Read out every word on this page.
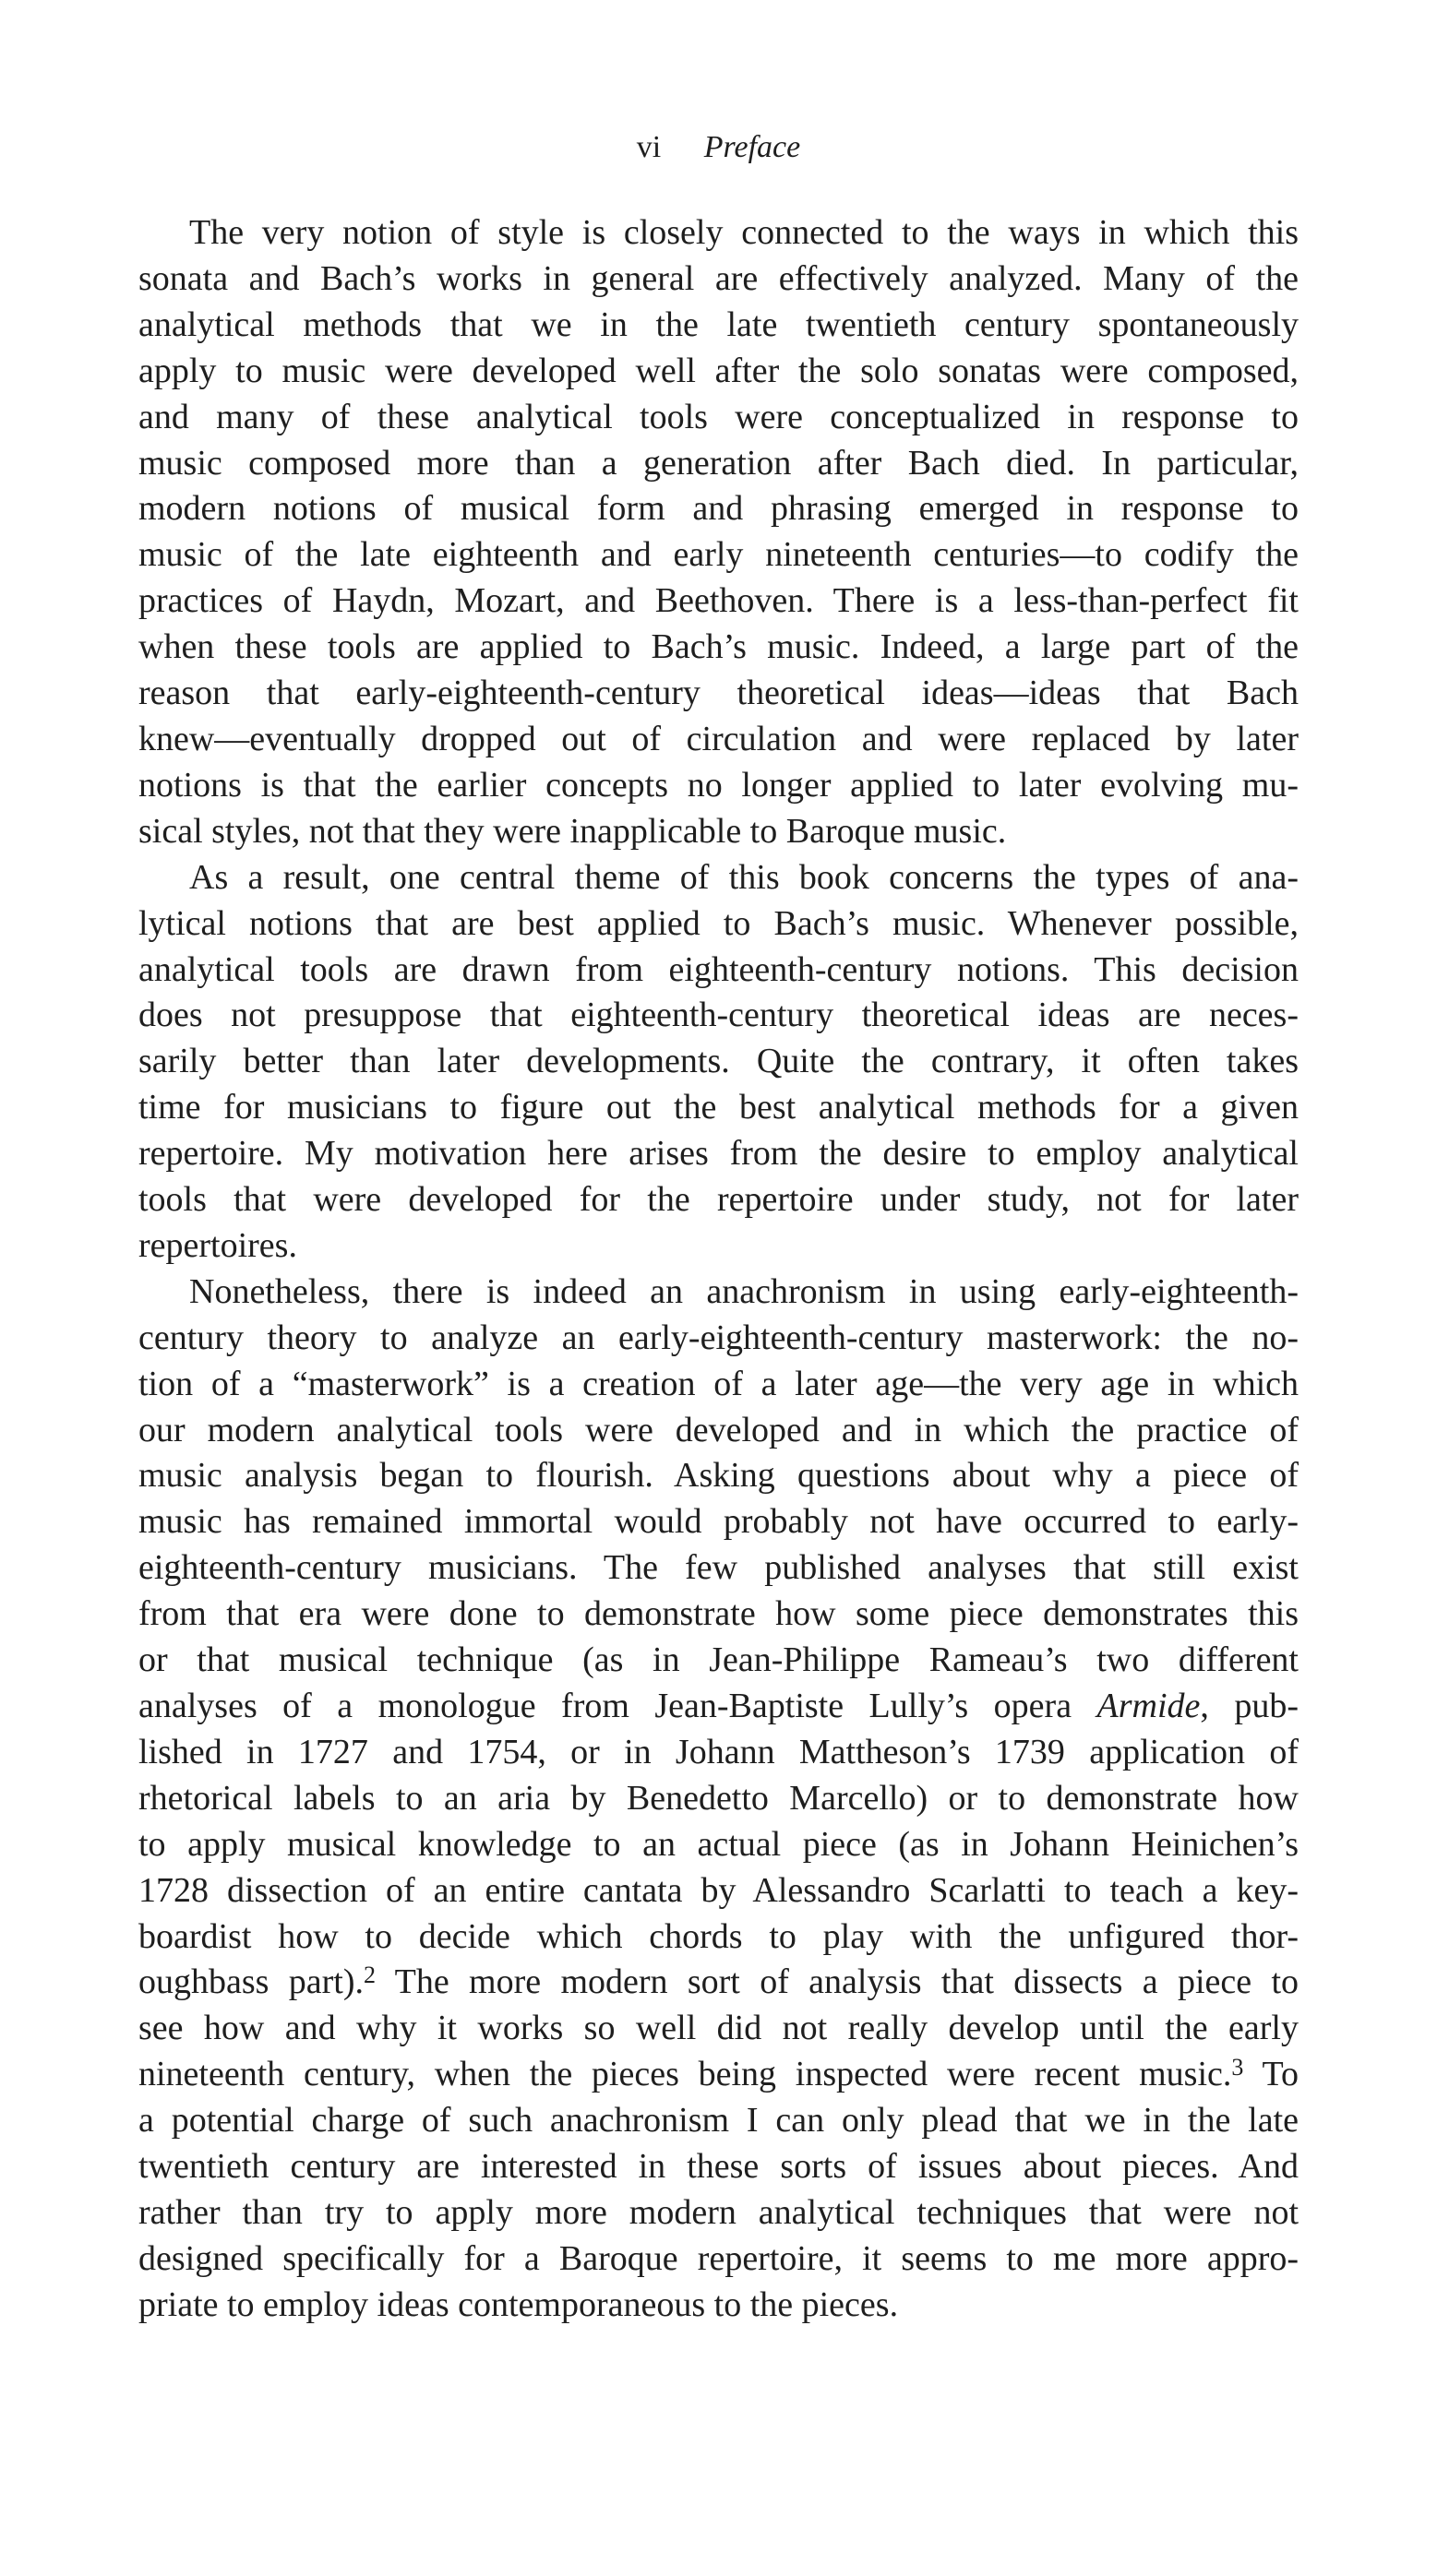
vi Preface

The very notion of style is closely connected to the ways in which this
sonata and Bach’s works in general are effectively analyzed. Many of the
analytical methods that we in the late twentieth century spontaneously
apply to music were developed well after the solo sonatas were composed,
and many of these analytical tools were conceptualized in response to
music composed more than a generation after Bach died. In particular,
modern notions of musical form and phrasing emerged in response to
music of the late eighteenth and early nineteenth centuries—to codify the
practices of Haydn, Mozart, and Beethoven. There is a less-than-perfect fit
when these tools are applied to Bach’s music. Indeed, a large part of the
reason that early-eighteenth-century theoretical ideas—ideas that Bach
knew—eventually dropped out of circulation and were replaced by later
notions is that the earlier concepts no longer applied to later evolving mu-
sical styles, not that they were inapplicable to Baroque music.

As a result, one central theme of this book concerns the types of ana-
lytical notions that are best applied to Bach’s music. Whenever possible,
analytical tools are drawn from eighteenth-century notions. This decision
does not presuppose that eighteenth-century theoretical ideas are neces-
sarily better than later developments. Quite the contrary, it often takes
time for musicians to figure out the best analytical methods for a given
repertoire. My motivation here arises from the desire to employ analytical
tools that were developed for the repertoire under study, not for later
repertoires.

Nonetheless, there is indeed an anachronism in using early-eighteenth-
century theory to analyze an early-eighteenth-century masterwork: the no-
tion of a “masterwork” is a creation of a later age—the very age in which
our modern analytical tools were developed and in which the practice of
music analysis began to flourish. Asking questions about why a piece of
music has remained immortal would probably not have occurred to early-
eighteenth-century musicians. The few published analyses that still exist
from that era were done to demonstrate how some piece demonstrates this
or that musical technique (as in Jean-Philippe Rameau’s two different
analyses of a monologue from Jean-Baptiste Lully’s opera Armide, pub-
lished in 1727 and 1754, or in Johann Mattheson’s 1739 application of
rhetorical labels to an aria by Benedetto Marcello) or to demonstrate how
to apply musical knowledge to an actual piece (as in Johann Heinichen’s
1728 dissection of an entire cantata by Alessandro Scarlatti to teach a key-
boardist how to decide which chords to play with the unfigured thor-
oughbass part).$^2$ The more modern sort of analysis that dissects a piece to
see how and why it works so well did not really develop until the early
nineteenth century, when the pieces being inspected were recent music.$^3$ To
a potential charge of such anachronism I can only plead that we in the late
twentieth century are interested in these sorts of issues about pieces. And
rather than try to apply more modern analytical techniques that were not
designed specifically for a Baroque repertoire, it seems to me more appro-
priate to employ ideas contemporaneous to the pieces.
